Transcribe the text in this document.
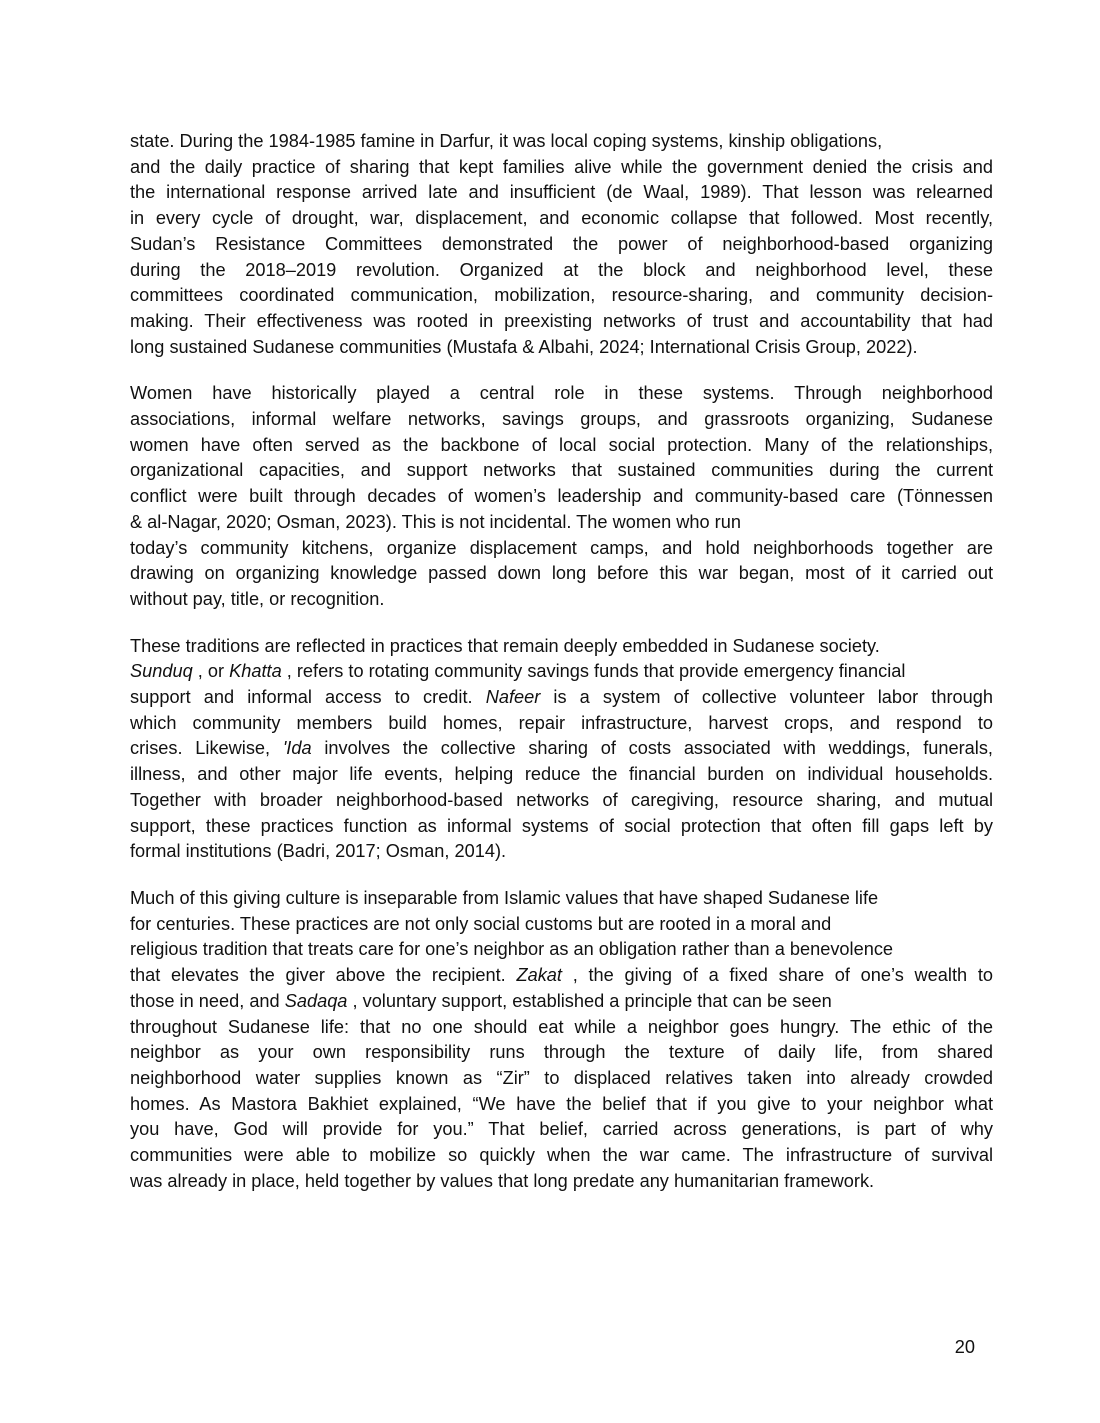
state. During the 1984-1985 famine in Darfur, it was local coping systems, kinship obligations,
and the daily practice of sharing that kept families alive while the government denied the crisis and
the international response arrived late and insufficient (de Waal, 1989). That lesson was relearned
in every cycle of drought, war, displacement, and economic collapse that followed. Most recently,
Sudan’s Resistance Committees demonstrated the power of neighborhood-based organizing
during the 2018–2019 revolution. Organized at the block and neighborhood level, these
committees coordinated communication, mobilization, resource-sharing, and community decision-
making. Their effectiveness was rooted in preexisting networks of trust and accountability that had
long sustained Sudanese communities (Mustafa & Albahi, 2024; International Crisis Group, 2022).

Women have historically played a central role in these systems. Through neighborhood
associations, informal welfare networks, savings groups, and grassroots organizing, Sudanese
women have often served as the backbone of local social protection. Many of the relationships,
organizational capacities, and support networks that sustained communities during the current
conflict were built through decades of women’s leadership and community-based care (Tönnessen
& al-Nagar, 2020; Osman, 2023). This is not incidental. The women who run
today’s community kitchens, organize displacement camps, and hold neighborhoods together are
drawing on organizing knowledge passed down long before this war began, most of it carried out
without pay, title, or recognition.

These traditions are reflected in practices that remain deeply embedded in Sudanese society.
Sunduq , or Khatta , refers to rotating community savings funds that provide emergency financial
support and informal access to credit. Nafeer is a system of collective volunteer labor through
which community members build homes, repair infrastructure, harvest crops, and respond to
crises. Likewise, 'Ida involves the collective sharing of costs associated with weddings, funerals,
illness, and other major life events, helping reduce the financial burden on individual households.
Together with broader neighborhood-based networks of caregiving, resource sharing, and mutual
support, these practices function as informal systems of social protection that often fill gaps left by
formal institutions (Badri, 2017; Osman, 2014).

Much of this giving culture is inseparable from Islamic values that have shaped Sudanese life
for centuries. These practices are not only social customs but are rooted in a moral and
religious tradition that treats care for one’s neighbor as an obligation rather than a benevolence
that elevates the giver above the recipient. Zakat , the giving of a fixed share of one’s wealth to
those in need, and Sadaqa , voluntary support, established a principle that can be seen
throughout Sudanese life: that no one should eat while a neighbor goes hungry. The ethic of the
neighbor as your own responsibility runs through the texture of daily life, from shared
neighborhood water supplies known as “Zir” to displaced relatives taken into already crowded
homes. As Mastora Bakhiet explained, “We have the belief that if you give to your neighbor what
you have, God will provide for you.” That belief, carried across generations, is part of why
communities were able to mobilize so quickly when the war came. The infrastructure of survival
was already in place, held together by values that long predate any humanitarian framework.

20
